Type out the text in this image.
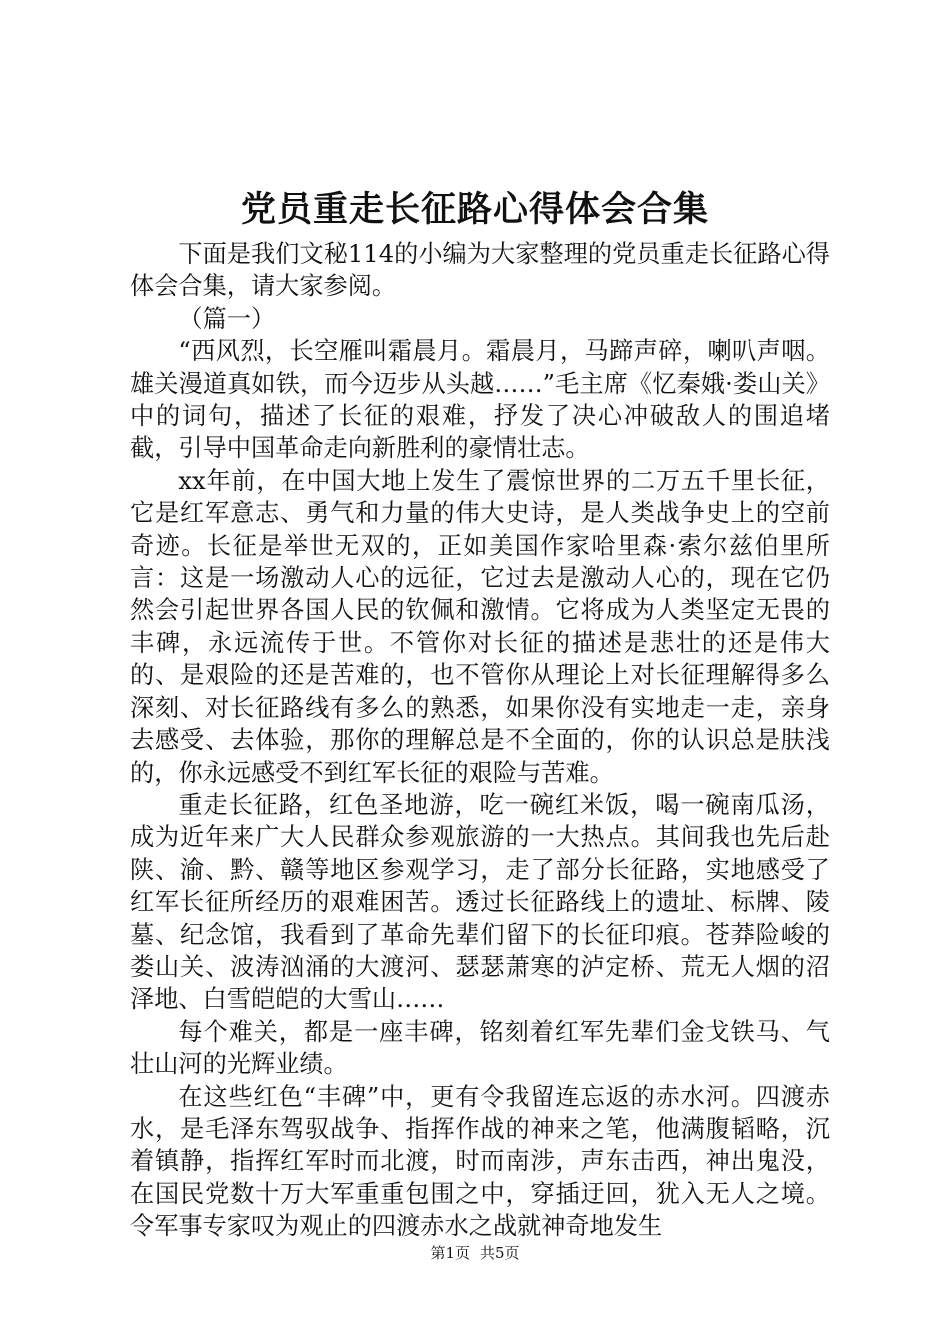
党员重走长征路心得体会合集

下面是我们文秘114的小编为大家整理的党员重走长征路心得体会合集，请大家参阅。

（篇一）

“西风烈，长空雁叫霜晨月。霜晨月，马蹄声碎，喇叭声咽。雄关漫道真如铁，而今迈步从头越……”毛主席《忆秦娥·娄山关》中的词句，描述了长征的艰难，抒发了决心冲破敌人的围追堵截，引导中国革命走向新胜利的豪情壮志。

xx年前，在中国大地上发生了震惊世界的二万五千里长征，它是红军意志、勇气和力量的伟大史诗，是人类战争史上的空前奇迹。长征是举世无双的，正如美国作家哈里森·索尔兹伯里所言：这是一场激动人心的远征，它过去是激动人心的，现在它仍然会引起世界各国人民的钦佩和激情。它将成为人类坚定无畏的丰碑，永远流传于世。不管你对长征的描述是悲壮的还是伟大的、是艰险的还是苦难的，也不管你从理论上对长征理解得多么深刻、对长征路线有多么的熟悉，如果你没有实地走一走，亲身去感受、去体验，那你的理解总是不全面的，你的认识总是肤浅的，你永远感受不到红军长征的艰险与苦难。

重走长征路，红色圣地游，吃一碗红米饭，喝一碗南瓜汤，成为近年来广大人民群众参观旅游的一大热点。其间我也先后赴陕、渝、黔、赣等地区参观学习，走了部分长征路，实地感受了红军长征所经历的艰难困苦。透过长征路线上的遗址、标牌、陵墓、纪念馆，我看到了革命先辈们留下的长征印痕。苍莽险峻的娄山关、波涛汹涌的大渡河、瑟瑟萧寒的泸定桥、荒无人烟的沼泽地、白雪皑皑的大雪山……

每个难关，都是一座丰碑，铭刻着红军先辈们金戈铁马、气壮山河的光辉业绩。

在这些红色“丰碑”中，更有令我留连忘返的赤水河。四渡赤水，是毛泽东驾驭战争、指挥作战的神来之笔，他满腹韬略，沉着镇静，指挥红军时而北渡，时而南涉，声东击西，神出鬼没，在国民党数十万大军重重包围之中，穿插迂回，犹入无人之境。令军事专家叹为观止的四渡赤水之战就神奇地发生

第1页 共5页
